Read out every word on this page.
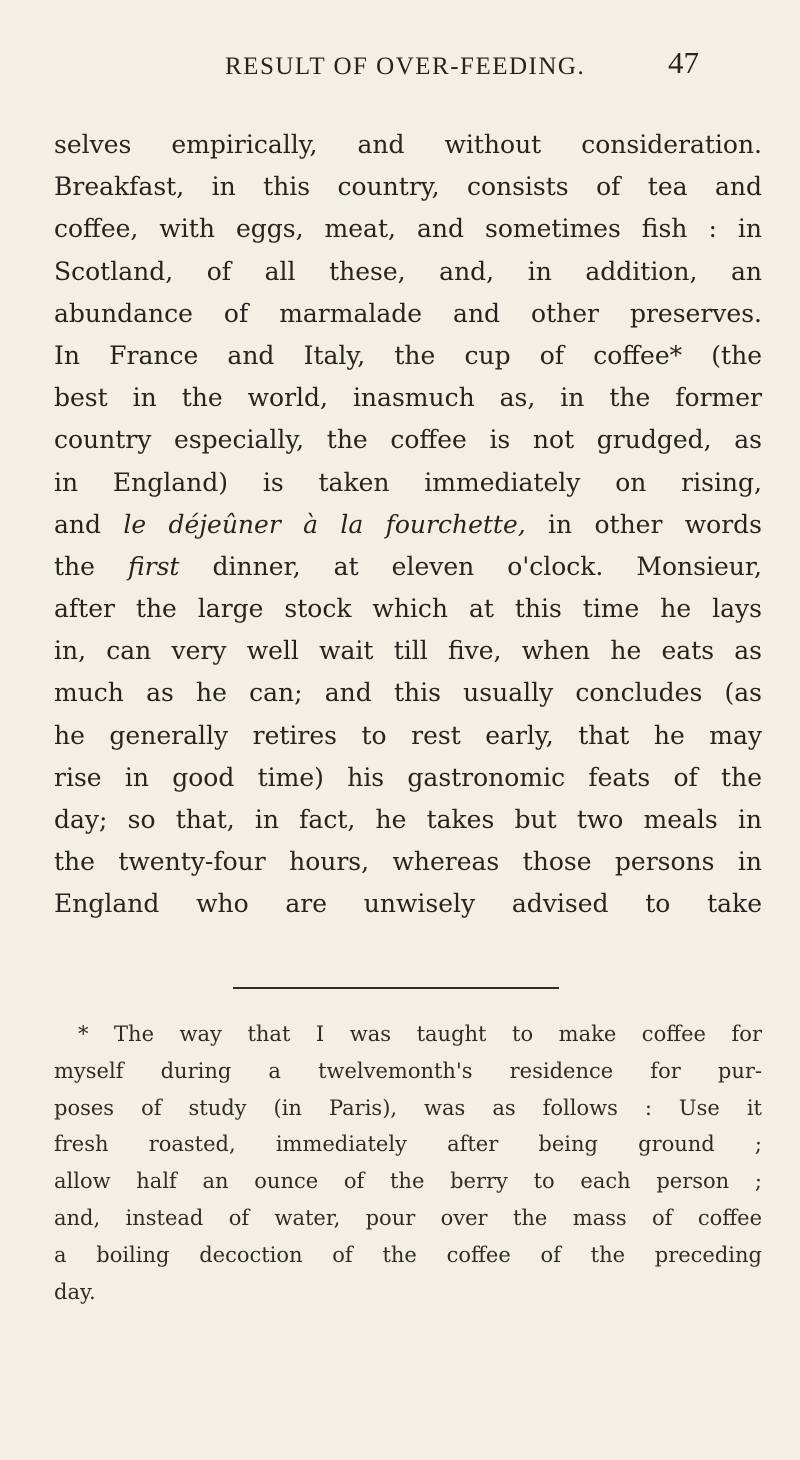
RESULT OF OVER-FEEDING.	47
selves empirically, and without consideration.
Breakfast, in this country, consists of tea and
coffee, with eggs, meat, and sometimes fish : in
Scotland, of all these, and, in addition, an
abundance of marmalade and other preserves.
In France and Italy, the cup of coffee* (the
best in the world, inasmuch as, in the former
country especially, the coffee is not grudged, as
in England) is taken immediately on rising,
and le déjeûner à la fourchette, in other words
the first dinner, at eleven o'clock. Monsieur,
after the large stock which at this time he lays
in, can very well wait till five, when he eats as
much as he can; and this usually concludes (as
he generally retires to rest early, that he may
rise in good time) his gastronomic feats of the
day; so that, in fact, he takes but two meals in
the twenty-four hours, whereas those persons in
England who are unwisely advised to take
* The way that I was taught to make coffee for
myself during a twelvemonth's residence for pur-
poses of study (in Paris), was as follows : Use it
fresh roasted, immediately after being ground ;
allow half an ounce of the berry to each person ;
and, instead of water, pour over the mass of coffee
a boiling decoction of the coffee of the preceding
day.
